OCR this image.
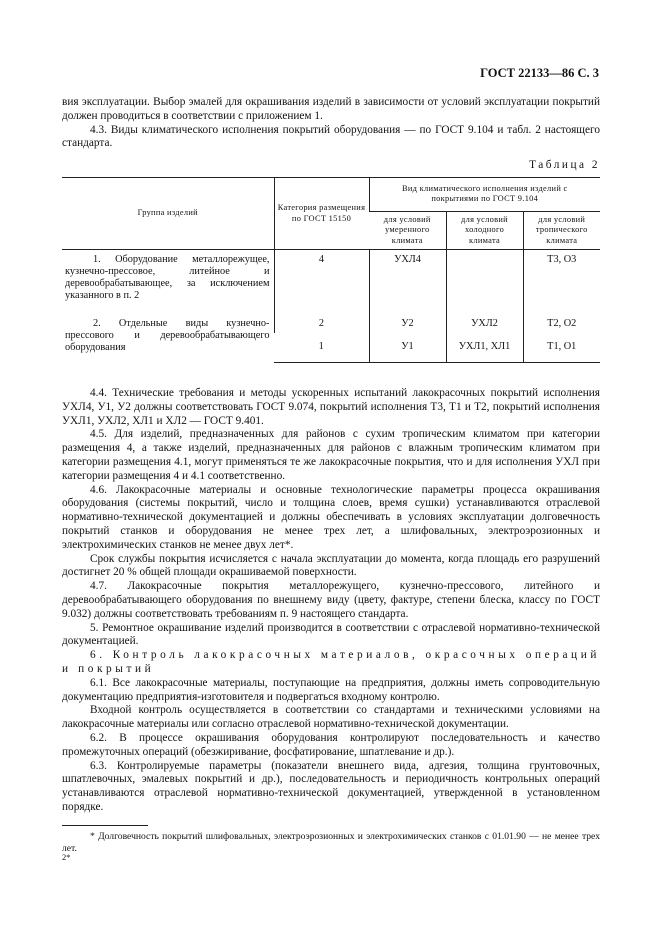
ГОСТ 22133—86 С. 3

вия эксплуатации. Выбор эмалей для окрашивания изделий в зависимости от условий эксплуатации покрытий должен проводиться в соответствии с приложением 1.

4.3. Виды климатического исполнения покрытий оборудования — по ГОСТ 9.104 и табл. 2 настоящего стандарта.

Таблица 2
Группа изделий	Категория размещения по ГОСТ 15150	Вид климатического исполнения изделий с покрытиями по ГОСТ 9.104		
		для условий умеренного климата	для условий холодного климата	для условий тропического климата
1. Оборудование металлорежущее, кузнечно-прессовое, литейное и деревообрабатывающее, за исключением указанного в п. 2	4	УХЛ4		Т3, О3
2. Отдельные виды кузнечно-прессового и деревообрабатывающего оборудования	2	У2	УХЛ2	Т2, О2
	1	У1	УХЛ1, ХЛ1	Т1, О1

4.4. Технические требования и методы ускоренных испытаний лакокрасочных покрытий исполнения УХЛ4, У1, У2 должны соответствовать ГОСТ 9.074, покрытий исполнения Т3, Т1 и Т2, покрытий исполнения УХЛ1, УХЛ2, ХЛ1 и ХЛ2 — ГОСТ 9.401.

4.5. Для изделий, предназначенных для районов с сухим тропическим климатом при категории размещения 4, а также изделий, предназначенных для районов с влажным тропическим климатом при категории размещения 4.1, могут применяться те же лакокрасочные покрытия, что и для исполнения УХЛ при категории размещения 4 и 4.1 соответственно.

4.6. Лакокрасочные материалы и основные технологические параметры процесса окрашивания оборудования (системы покрытий, число и толщина слоев, время сушки) устанавливаются отраслевой нормативно-технической документацией и должны обеспечивать в условиях эксплуатации долговечность покрытий станков и оборудования не менее трех лет, а шлифовальных, электроэрозионных и электрохимических станков не менее двух лет*.

Срок службы покрытия исчисляется с начала эксплуатации до момента, когда площадь его разрушений достигнет 20 % общей площади окрашиваемой поверхности.

4.7. Лакокрасочные покрытия металлорежущего, кузнечно-прессового, литейного и деревообрабатывающего оборудования по внешнему виду (цвету, фактуре, степени блеска, классу по ГОСТ 9.032) должны соответствовать требованиям п. 9 настоящего стандарта.

5. Ремонтное окрашивание изделий производится в соответствии с отраслевой нормативно-технической документацией.

6. Контроль лакокрасочных материалов, окрасочных операций и покрытий

6.1. Все лакокрасочные материалы, поступающие на предприятия, должны иметь сопроводительную документацию предприятия-изготовителя и подвергаться входному контролю.

Входной контроль осуществляется в соответствии со стандартами и техническими условиями на лакокрасочные материалы или согласно отраслевой нормативно-технической документации.

6.2. В процессе окрашивания оборудования контролируют последовательность и качество промежуточных операций (обезжиривание, фосфатирование, шпатлевание и др.).

6.3. Контролируемые параметры (показатели внешнего вида, адгезия, толщина грунтовочных, шпатлевочных, эмалевых покрытий и др.), последовательность и периодичность контрольных операций устанавливаются отраслевой нормативно-технической документацией, утвержденной в установленном порядке.

* Долговечность покрытий шлифовальных, электроэрозионных и электрохимических станков с 01.01.90 — не менее трех лет.

2*
